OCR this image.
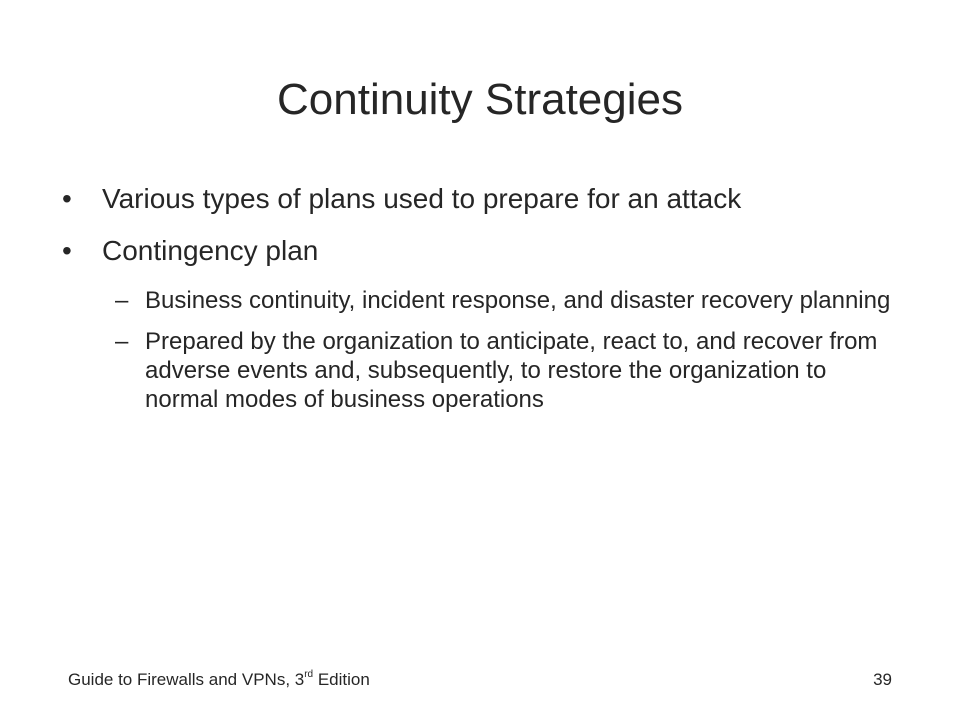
Continuity Strategies
• Various types of plans used to prepare for an attack
• Contingency plan
– Business continuity, incident response, and disaster recovery planning
– Prepared by the organization to anticipate, react to, and recover from adverse events and, subsequently, to restore the organization to normal modes of business operations
Guide to Firewalls and VPNs, 3rd Edition	39
